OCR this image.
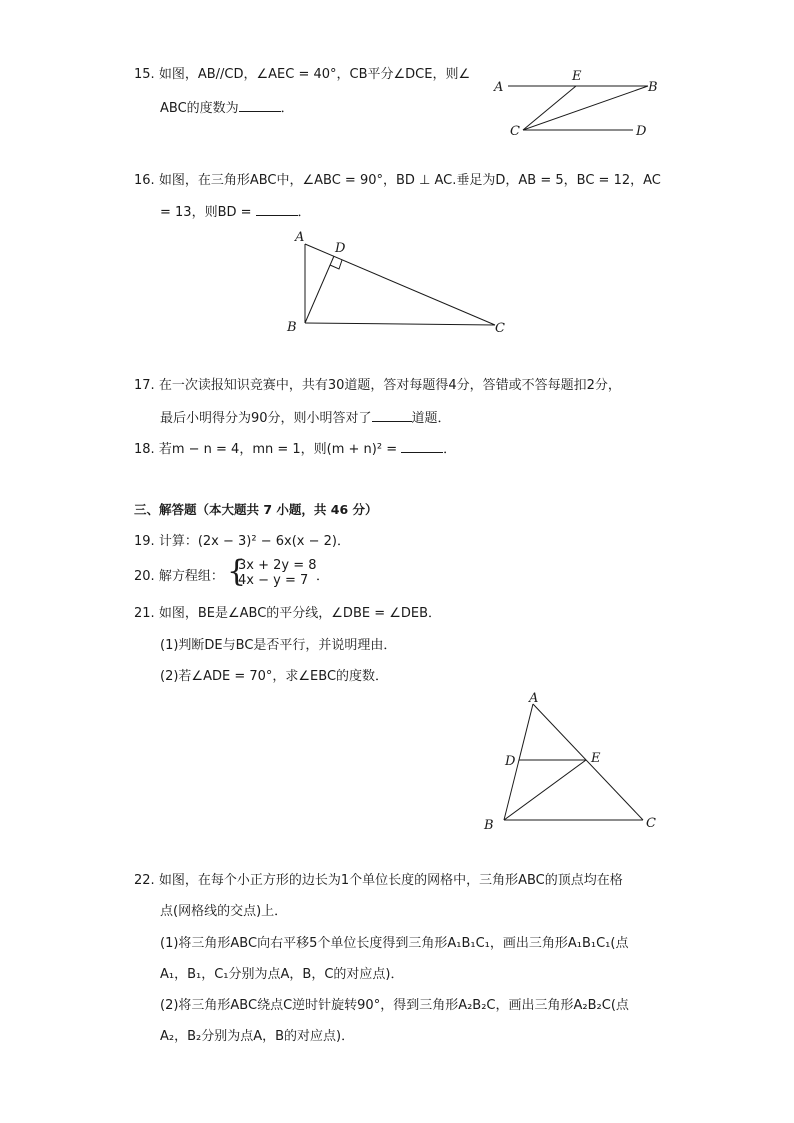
15. 如图，AB//CD，∠AEC = 40°，CB平分∠DCE，则∠
ABC的度数为	．
A
E
B
C	D
16. 如图，在三角形ABC中，∠ABC = 90°，BD ⊥ AC.垂足为D，AB = 5，BC = 12，AC
= 13，则BD =	．
A
D
B	C
17. 在一次读报知识竞赛中，共有30道题，答对每题得4分，答错或不答每题扣2分，
最后小明得分为90分，则小明答对了	道题．
18. 若m − n = 4，mn = 1，则(m + n)² =	．
三、解答题（本大题共 7 小题，共 46 分）
19. 计算：(2x − 3)² − 6x(x − 2)．
20. 解方程组： {
3x + 2y = 8
4x − y = 7 ．
21. 如图，BE是∠ABC的平分线，∠DBE = ∠DEB．
(1)判断DE与BC是否平行，并说明理由．
(2)若∠ADE = 70°，求∠EBC的度数．
A
D	E
B	C
22. 如图，在每个小正方形的边长为1个单位长度的网格中，三角形ABC的顶点均在格
点(网格线的交点)上．
(1)将三角形ABC向右平移5个单位长度得到三角形A₁B₁C₁，画出三角形A₁B₁C₁(点
A₁，B₁，C₁分别为点A，B，C的对应点)．
(2)将三角形ABC绕点C逆时针旋转90°，得到三角形A₂B₂C，画出三角形A₂B₂C(点
A₂，B₂分别为点A，B的对应点)．
